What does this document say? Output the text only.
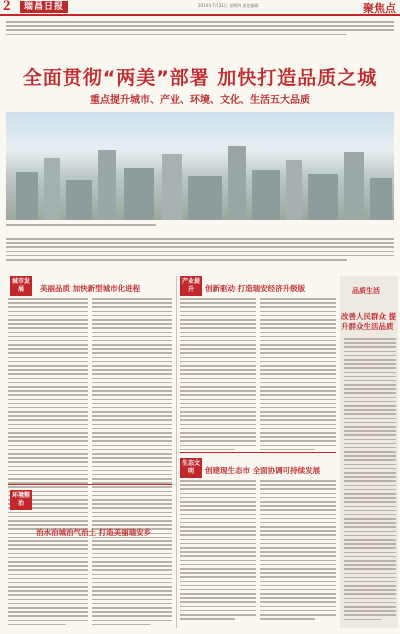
2	瑞昌日报	2014年7月31日 星期四 责任编辑：	聚焦点
全面贯彻“两美”部署 加快打造品质之城
重点提升城市、产业、环境、文化、生活五大品质
城市发展	美丽品质 加快新型城市化进程
环境整治
治水治城治气治土 打造美丽瑞安乡
产业提升	创新驱动 打造瑞安经济升级版
生态文明	创建现生态市 全面协调可持续发展
品质生活
改善人民群众 提升群众生活品质
